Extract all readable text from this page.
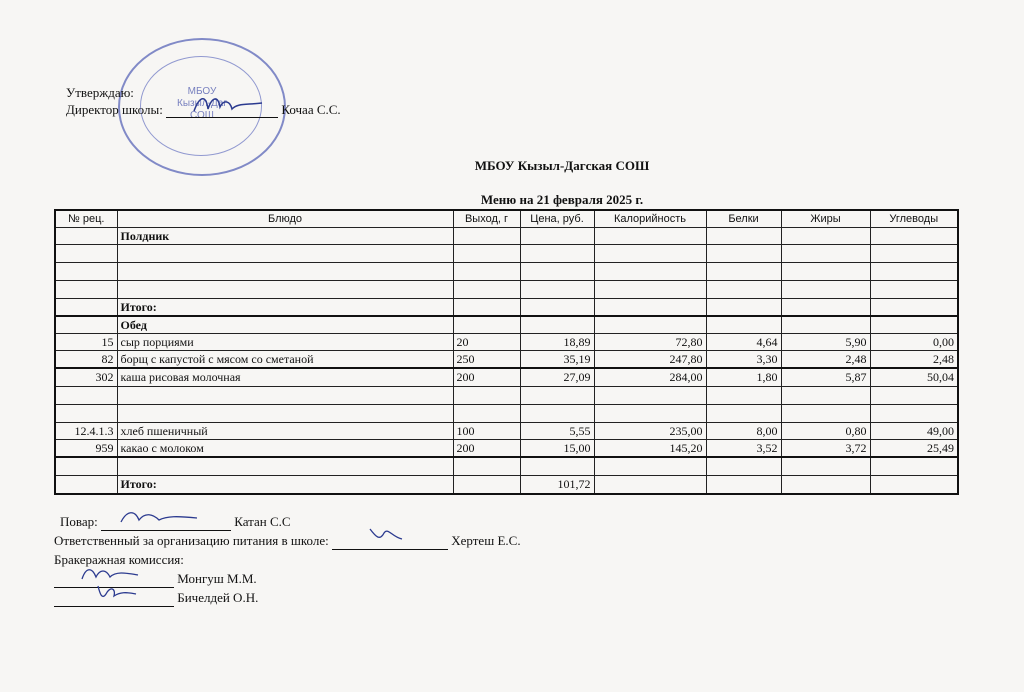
МБОУ
Кызыл-Даг
СОШ
Утверждаю:
Директор школы:	Кочаа С.С.
МБОУ Кызыл-Дагская СОШ
Меню на 21 февраля 2025 г.
№ рец.	Блюдо	Выход, г	Цена, руб.	Калорийность	Белки	Жиры	Углеводы
	Полдник						

	Итого:						
	Обед						
15	сыр порциями	20	18,89	72,80	4,64	5,90	0,00
82	борщ с капустой с мясом со сметаной	250	35,19	247,80	3,30	2,48	2,48
302	каша рисовая молочная	200	27,09	284,00	1,80	5,87	50,04

12.4.1.3	хлеб пшеничный	100	5,55	235,00	8,00	0,80	49,00
959	какао с молоком	200	15,00	145,20	3,52	3,72	25,49

	Итого:		101,72				
Повар:	Катан С.С
Ответственный за организацию питания в школе:	Хертеш Е.С.
Бракеражная комиссия:
Монгуш М.М.
Бичелдей О.Н.
